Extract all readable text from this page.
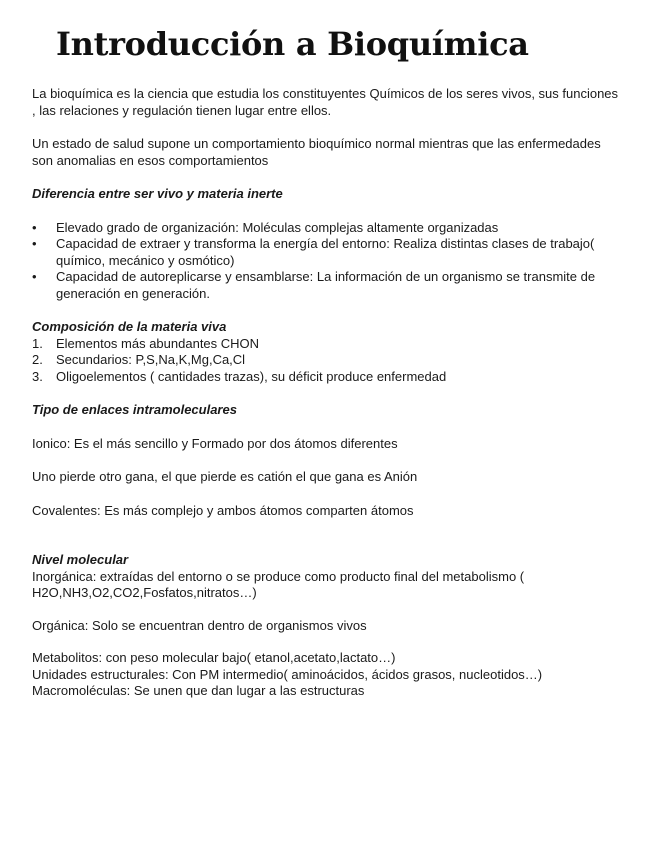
Introducción a Bioquímica

La bioquímica es la ciencia que estudia los constituyentes Químicos de los seres vivos, sus funciones , las relaciones y regulación tienen lugar entre ellos.

Un estado de salud supone un comportamiento bioquímico normal mientras que las enfermedades son anomalias en esos comportamientos

Diferencia entre ser vivo y materia inerte

• Elevado grado de organización: Moléculas complejas altamente organizadas
• Capacidad de extraer y transforma la energía del entorno: Realiza distintas clases de trabajo( químico, mecánico y osmótico)
• Capacidad de autoreplicarse y ensamblarse: La información de un organismo se transmite de generación en generación.

Composición de la materia viva

1. Elementos más abundantes CHON
2. Secundarios: P,S,Na,K,Mg,Ca,Cl
3. Oligoelementos ( cantidades trazas), su déficit produce enfermedad

Tipo de enlaces intramoleculares

Ionico: Es el más sencillo y Formado por dos átomos diferentes

Uno pierde otro gana, el que pierde es catión el que gana es Anión

Covalentes: Es más complejo y ambos átomos comparten átomos

Nivel molecular

Inorgánica: extraídas del entorno o se produce como producto final del metabolismo ( H2O,NH3,O2,CO2,Fosfatos,nitratos…)

Orgánica: Solo se encuentran dentro de organismos vivos

Metabolitos: con peso molecular bajo( etanol,acetato,lactato…)

Unidades estructurales: Con PM intermedio( aminoácidos, ácidos grasos, nucleotidos…)

Macromoléculas: Se unen que dan lugar a las estructuras
